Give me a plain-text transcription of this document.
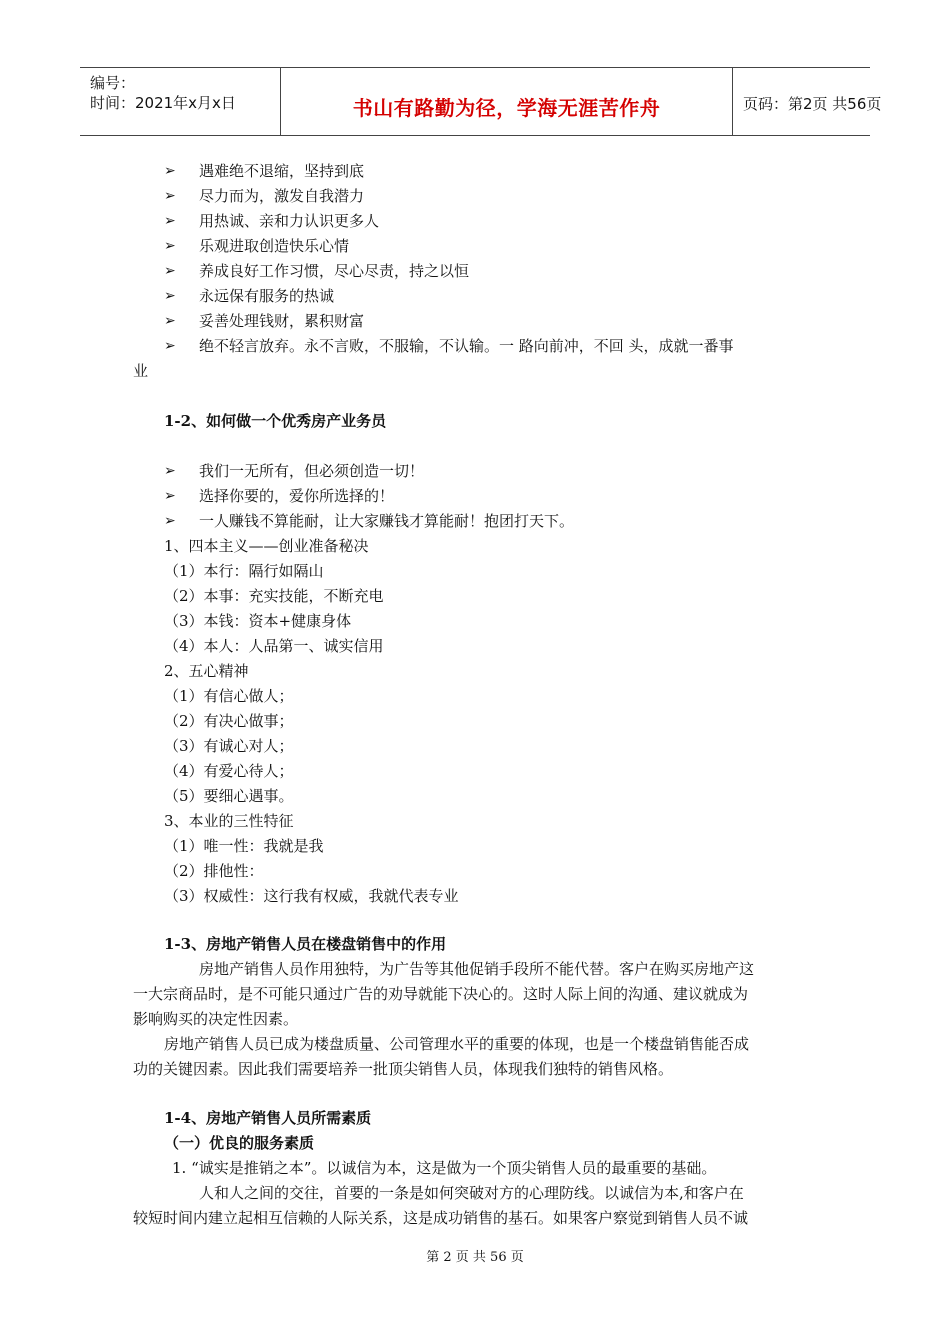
编号：
时间：2021年x月x日	书山有路勤为径，学海无涯苦作舟	页码：第2页 共56页
➢ 遇难绝不退缩，坚持到底
➢ 尽力而为，激发自我潜力
➢ 用热诚、亲和力认识更多人
➢ 乐观进取创造快乐心情
➢ 养成良好工作习惯，尽心尽责，持之以恒
➢ 永远保有服务的热诚
➢ 妥善处理钱财，累积财富
➢ 绝不轻言放弃。永不言败，不服输，不认输。一 路向前冲，不回 头，成就一番事
业
1-2、如何做一个优秀房产业务员
➢ 我们一无所有，但必须创造一切！
➢ 选择你要的，爱你所选择的！
➢ 一人赚钱不算能耐，让大家赚钱才算能耐！抱团打天下。
1、四本主义——创业准备秘决
（1）本行：隔行如隔山
（2）本事：充实技能，不断充电
（3）本钱：资本+健康身体
（4）本人：人品第一、诚实信用
2、五心精神
（1）有信心做人；
（2）有决心做事；
（3）有诚心对人；
（4）有爱心待人；
（5）要细心遇事。
3、本业的三性特征
（1）唯一性：我就是我
（2）排他性：
（3）权威性：这行我有权威，我就代表专业
1-3、房地产销售人员在楼盘销售中的作用
房地产销售人员作用独特，为广告等其他促销手段所不能代替。客户在购买房地产这
一大宗商品时，是不可能只通过广告的劝导就能下决心的。这时人际上间的沟通、建议就成为
影响购买的决定性因素。
房地产销售人员已成为楼盘质量、公司管理水平的重要的体现，也是一个楼盘销售能否成
功的关键因素。因此我们需要培养一批顶尖销售人员，体现我们独特的销售风格。
1-4、房地产销售人员所需素质
（一）优良的服务素质
1. “诚实是推销之本”。以诚信为本，这是做为一个顶尖销售人员的最重要的基础。
人和人之间的交往，首要的一条是如何突破对方的心理防线。以诚信为本,和客户在
较短时间内建立起相互信赖的人际关系，这是成功销售的基石。如果客户察觉到销售人员不诚
第 2 页 共 56 页
